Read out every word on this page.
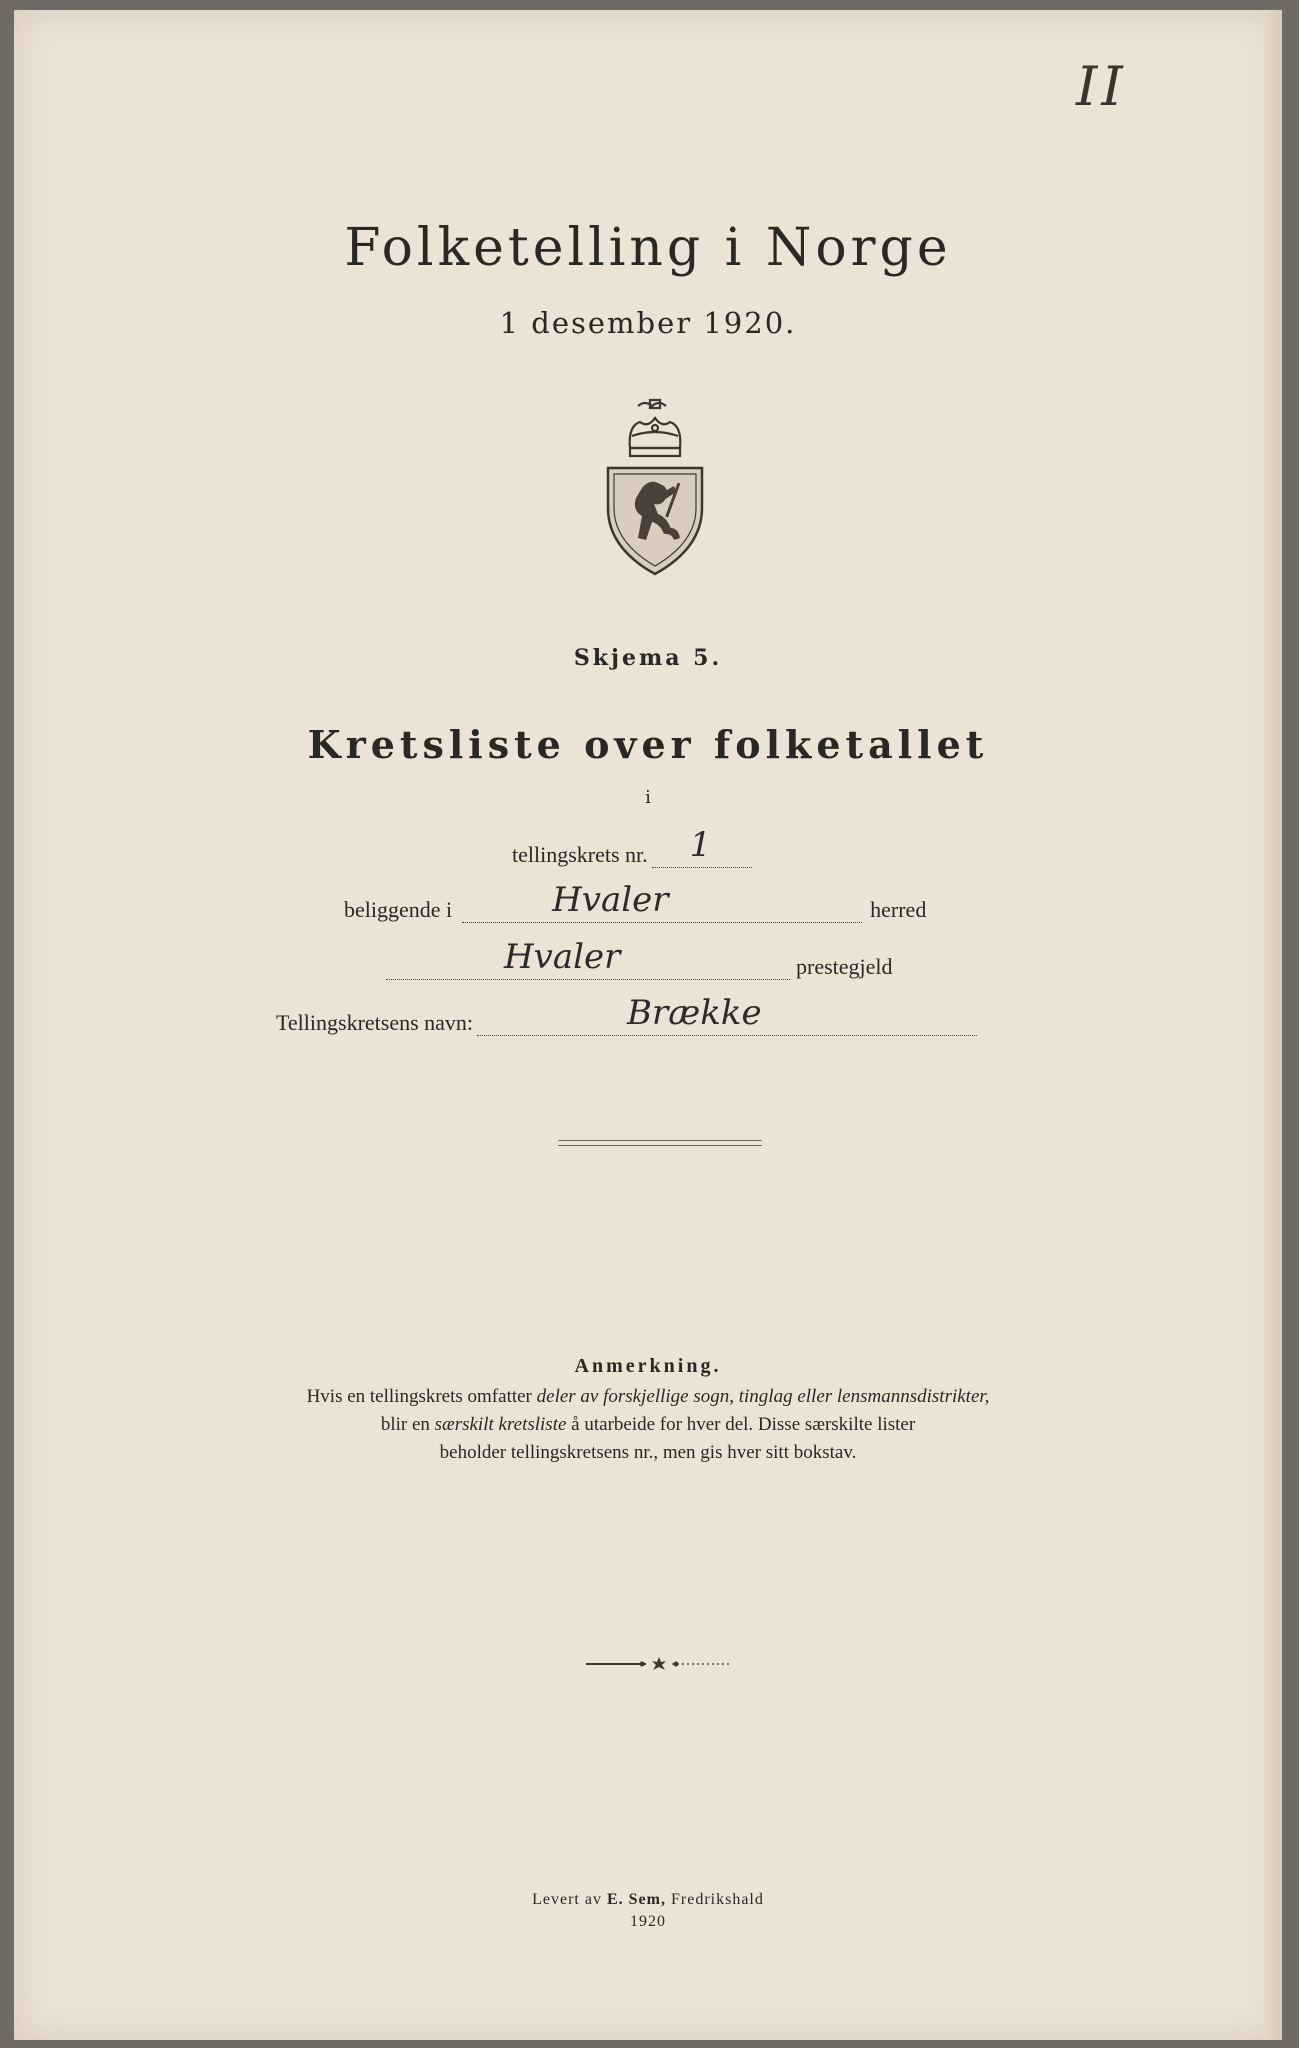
II
Folketelling i Norge
1 desember 1920.
Skjema 5.
Kretsliste over folketallet
i
tellingskrets nr. 1
beliggende i	Hvaler	herred
Hvaler	prestegjeld
Tellingskretsens navn:	Brække
Anmerkning.
Hvis en tellingskrets omfatter deler av forskjellige sogn, tinglag eller lensmannsdistrikter,
blir en særskilt kretsliste å utarbeide for hver del. Disse særskilte lister
beholder tellingskretsens nr., men gis hver sitt bokstav.
Levert av E. Sem, Fredrikshald
1920
